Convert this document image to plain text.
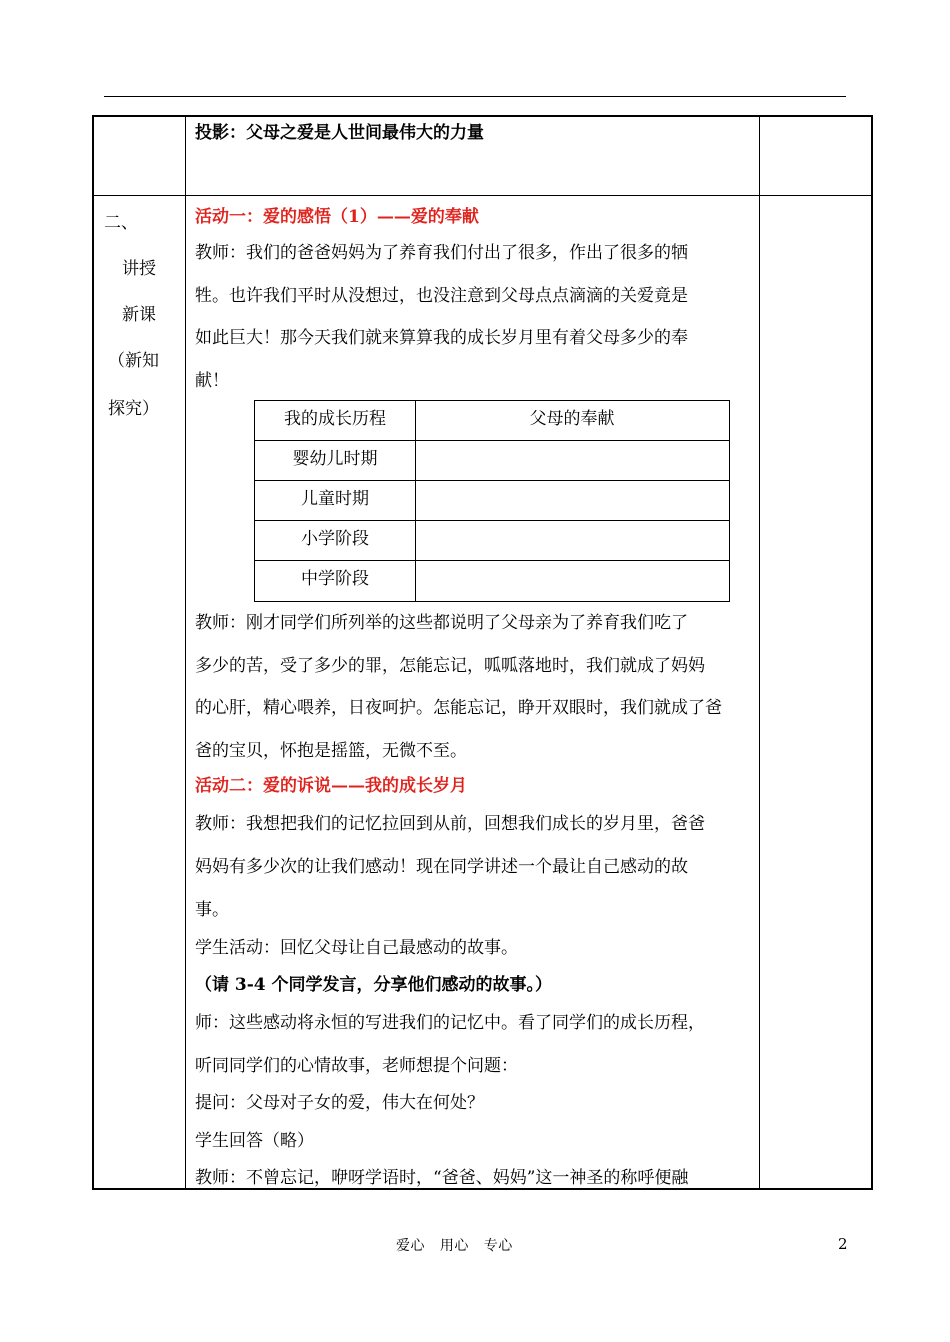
投影：父母之爱是人世间最伟大的力量
二、
讲授
新课
（新知
探究）
活动一：爱的感悟（1）——爱的奉献
教师：我们的爸爸妈妈为了养育我们付出了很多，作出了很多的牺
牲。也许我们平时从没想过，也没注意到父母点点滴滴的关爱竟是
如此巨大！那今天我们就来算算我的成长岁月里有着父母多少的奉
献！
我的成长历程	父母的奉献
婴幼儿时期
儿童时期
小学阶段
中学阶段
教师：刚才同学们所列举的这些都说明了父母亲为了养育我们吃了
多少的苦，受了多少的罪，怎能忘记，呱呱落地时，我们就成了妈妈
的心肝，精心喂养，日夜呵护。怎能忘记，睁开双眼时，我们就成了爸
爸的宝贝，怀抱是摇篮，无微不至。
活动二：爱的诉说——我的成长岁月
教师：我想把我们的记忆拉回到从前，回想我们成长的岁月里，爸爸
妈妈有多少次的让我们感动！现在同学讲述一个最让自己感动的故
事。
学生活动：回忆父母让自己最感动的故事。
（请 3-4 个同学发言，分享他们感动的故事。）
师：这些感动将永恒的写进我们的记忆中。看了同学们的成长历程，
听同同学们的心情故事，老师想提个问题：
提问：父母对子女的爱，伟大在何处？
学生回答（略）
教师：不曾忘记，咿呀学语时，“爸爸、妈妈”这一神圣的称呼便融
爱心   用心   专心	2
